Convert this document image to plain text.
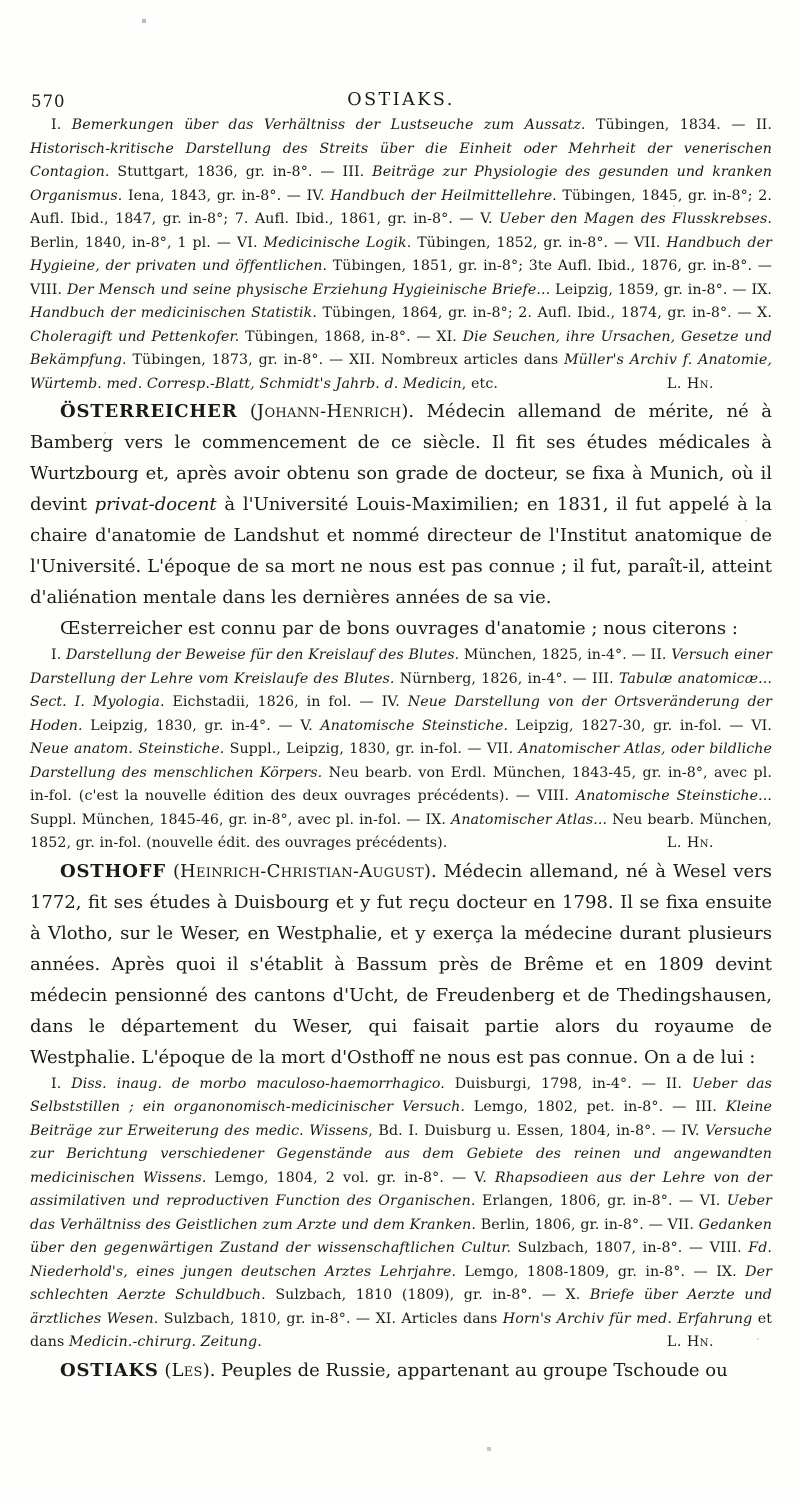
570	OSTIAKS.

I. Bemerkungen über das Verhältniss der Lustseuche zum Aussatz. Tübingen, 1834. — II. Historisch-kritische Darstellung des Streits über die Einheit oder Mehrheit der venerischen Contagion. Stuttgart, 1836, gr. in-8°. — III. Beiträge zur Physiologie des gesunden und kranken Organismus. Iena, 1843, gr. in-8°. — IV. Handbuch der Heilmittellehre. Tübingen, 1845, gr. in-8°; 2. Aufl. Ibid., 1847, gr. in-8°; 7. Aufl. Ibid., 1861, gr. in-8°. — V. Ueber den Magen des Flusskrebses. Berlin, 1840, in-8°, 1 pl. — VI. Medicinische Logik. Tübingen, 1852, gr. in-8°. — VII. Handbuch der Hygieine, der privaten und öffentlichen. Tübingen, 1851, gr. in-8°; 3te Aufl. Ibid., 1876, gr. in-8°. — VIII. Der Mensch und seine physische Erziehung Hygieinische Briefe... Leipzig, 1859, gr. in-8°. — IX. Handbuch der medicinischen Statistik. Tübingen, 1864, gr. in-8°; 2. Aufl. Ibid., 1874, gr. in-8°. — X. Choleragift und Pettenkofer. Tübingen, 1868, in-8°. — XI. Die Seuchen, ihre Ursachen, Gesetze und Bekämpfung. Tübingen, 1873, gr. in-8°. — XII. Nombreux articles dans Müller's Archiv f. Anatomie, Würtemb. med. Corresp.-Blatt, Schmidt's Jahrb. d. Medicin, etc.	L. Hn.

ÖSTERREICHER (Johann-Henrich). Médecin allemand de mérite, né à Bamberg vers le commencement de ce siècle. Il fit ses études médicales à Wurtzbourg et, après avoir obtenu son grade de docteur, se fixa à Munich, où il devint privat-docent à l'Université Louis-Maximilien; en 1831, il fut appelé à la chaire d'anatomie de Landshut et nommé directeur de l'Institut anatomique de l'Université. L'époque de sa mort ne nous est pas connue ; il fut, paraît-il, atteint d'aliénation mentale dans les dernières années de sa vie.

Œsterreicher est connu par de bons ouvrages d'anatomie ; nous citerons :

I. Darstellung der Beweise für den Kreislauf des Blutes. München, 1825, in-4°. — II. Versuch einer Darstellung der Lehre vom Kreislaufe des Blutes. Nürnberg, 1826, in-4°. — III. Tabulæ anatomicæ... Sect. I. Myologia. Eichstadii, 1826, in fol. — IV. Neue Darstellung von der Ortsveränderung der Hoden. Leipzig, 1830, gr. in-4°. — V. Anatomische Steinstiche. Leipzig, 1827-30, gr. in-fol. — VI. Neue anatom. Steinstiche. Suppl., Leipzig, 1830, gr. in-fol. — VII. Anatomischer Atlas, oder bildliche Darstellung des menschlichen Körpers. Neu bearb. von Erdl. München, 1843-45, gr. in-8°, avec pl. in-fol. (c'est la nouvelle édition des deux ouvrages précédents). — VIII. Anatomische Steinstiche... Suppl. München, 1845-46, gr. in-8°, avec pl. in-fol. — IX. Anatomischer Atlas... Neu bearb. München, 1852, gr. in-fol. (nouvelle édit. des ouvrages précédents).	L. Hn.

OSTHOFF (Heinrich-Christian-August). Médecin allemand, né à Wesel vers 1772, fit ses études à Duisbourg et y fut reçu docteur en 1798. Il se fixa ensuite à Vlotho, sur le Weser, en Westphalie, et y exerça la médecine durant plusieurs années. Après quoi il s'établit à Bassum près de Brême et en 1809 devint médecin pensionné des cantons d'Ucht, de Freudenberg et de Thedingshausen, dans le département du Weser, qui faisait partie alors du royaume de Westphalie. L'époque de la mort d'Osthoff ne nous est pas connue. On a de lui :

I. Diss. inaug. de morbo maculoso-haemorrhagico. Duisburgi, 1798, in-4°. — II. Ueber das Selbststillen ; ein organonomisch-medicinischer Versuch. Lemgo, 1802, pet. in-8°. — III. Kleine Beiträge zur Erweiterung des medic. Wissens, Bd. I. Duisburg u. Essen, 1804, in-8°. — IV. Versuche zur Berichtung verschiedener Gegenstände aus dem Gebiete des reinen und angewandten medicinischen Wissens. Lemgo, 1804, 2 vol. gr. in-8°. — V. Rhapsodieen aus der Lehre von der assimilativen und reproductiven Function des Organischen. Erlangen, 1806, gr. in-8°. — VI. Ueber das Verhältniss des Geistlichen zum Arzte und dem Kranken. Berlin, 1806, gr. in-8°. — VII. Gedanken über den gegenwärtigen Zustand der wissenschaftlichen Cultur. Sulzbach, 1807, in-8°. — VIII. Fd. Niederhold's, eines jungen deutschen Arztes Lehrjahre. Lemgo, 1808-1809, gr. in-8°. — IX. Der schlechten Aerzte Schuldbuch. Sulzbach, 1810 (1809), gr. in-8°. — X. Briefe über Aerzte und ärztliches Wesen. Sulzbach, 1810, gr. in-8°. — XI. Articles dans Horn's Archiv für med. Erfahrung et dans Medicin.-chirurg. Zeitung.	L. Hn.

OSTIAKS (Les). Peuples de Russie, appartenant au groupe Tschoude ou
